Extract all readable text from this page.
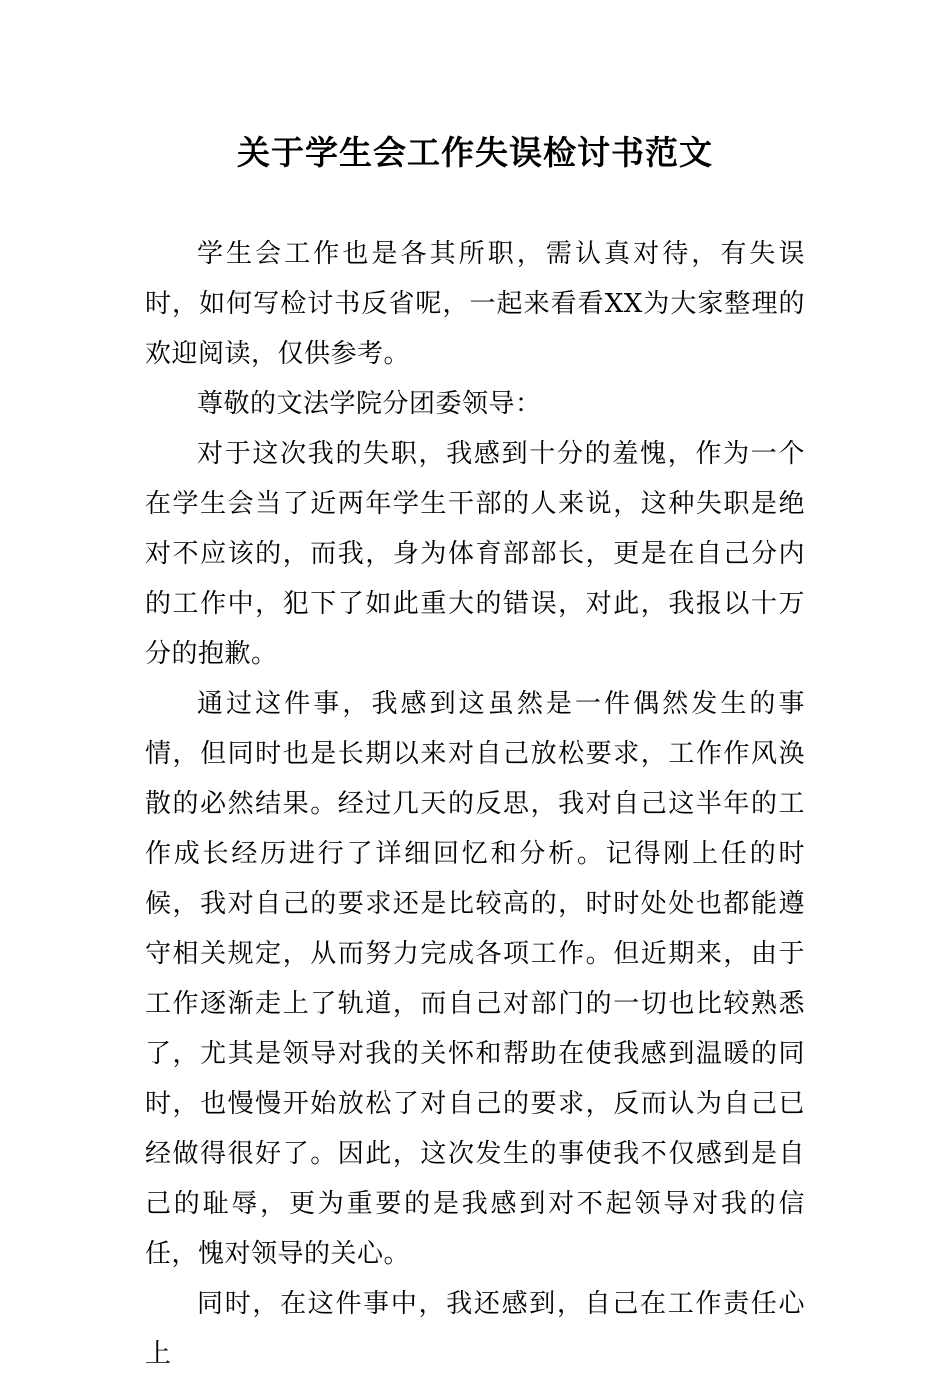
关于学生会工作失误检讨书范文

学生会工作也是各其所职，需认真对待，有失误时，如何写检讨书反省呢，一起来看看XX为大家整理的欢迎阅读，仅供参考。

尊敬的文法学院分团委领导：

对于这次我的失职，我感到十分的羞愧，作为一个在学生会当了近两年学生干部的人来说，这种失职是绝对不应该的，而我，身为体育部部长，更是在自己分内的工作中，犯下了如此重大的错误，对此，我报以十万分的抱歉。

通过这件事，我感到这虽然是一件偶然发生的事情，但同时也是长期以来对自己放松要求，工作作风涣散的必然结果。经过几天的反思，我对自己这半年的工作成长经历进行了详细回忆和分析。记得刚上任的时候，我对自己的要求还是比较高的，时时处处也都能遵守相关规定，从而努力完成各项工作。但近期来，由于工作逐渐走上了轨道，而自己对部门的一切也比较熟悉了，尤其是领导对我的关怀和帮助在使我感到温暖的同时，也慢慢开始放松了对自己的要求，反而认为自己已经做得很好了。因此，这次发生的事使我不仅感到是自己的耻辱，更为重要的是我感到对不起领导对我的信任，愧对领导的关心。

同时，在这件事中，我还感到，自己在工作责任心上
